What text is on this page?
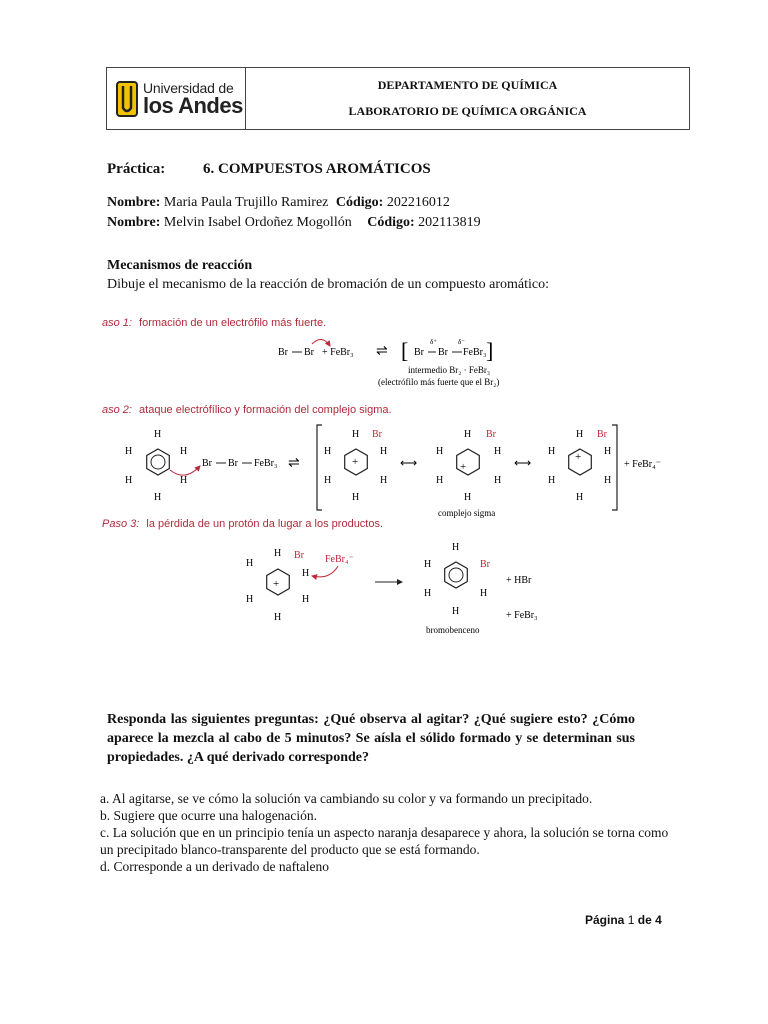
Universidad de
los Andes
DEPARTAMENTO DE QUÍMICA
LABORATORIO DE QUÍMICA ORGÁNICA
Práctica:	6. COMPUESTOS AROMÁTICOS
Nombre: Maria Paula Trujillo Ramirez Código: 202216012
Nombre: Melvin Isabel Ordoñez Mogollón Código: 202113819
Mecanismos de reacción
Dibuje el mecanismo de la reacción de bromación de un compuesto aromático:
aso 1: formación de un electrófilo más fuerte.
aso 2: ataque electrófílico y formación del complejo sigma.
Paso 3: la pérdida de un protón da lugar a los productos.
Br Br + FeBr₃ ⇌ [ Br
δ⁺
Br
δ⁻
FeBr₃ ]
intermedio Br₂ · FeBr₃
(electrófilo más fuerte que el Br₂)
H
H	H
H	H
H
Br Br FeBr₃ ⇌	+
H Br
H
H
H	H
H
⟷	+
H Br
H
H
H	H
H
complejo sigma
⟷	+
H Br
H
H
H	H
H
+ FeBr₄⁻
+
H Br
H
H
H	H
H
FeBr₄⁻
H
Br
H
H	H
H
bromobenceno
+ HBr
+ FeBr₃
Responda las siguientes preguntas: ¿Qué observa al agitar? ¿Qué sugiere esto? ¿Cómo aparece la mezcla al cabo de 5 minutos? Se aísla el sólido formado y se determinan sus propiedades. ¿A qué derivado corresponde?

a. Al agitarse, se ve cómo la solución va cambiando su color y va formando un precipitado.

b. Sugiere que ocurre una halogenación.

c. La solución que en un principio tenía un aspecto naranja desaparece y ahora, la solución se torna como un precipitado blanco-transparente del producto que se está formando.

d. Corresponde a un derivado de naftaleno

Página 1 de 4
